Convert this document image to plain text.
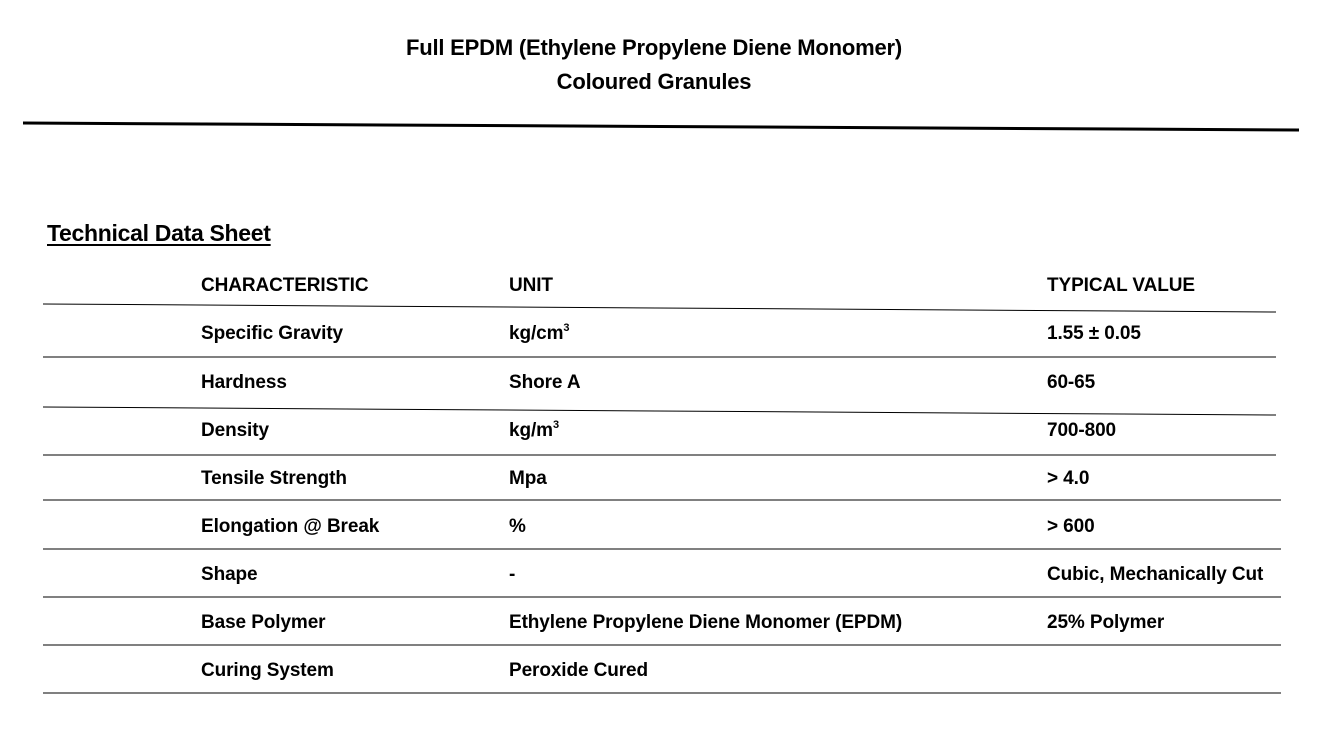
Full EPDM (Ethylene Propylene Diene Monomer)
Coloured Granules
Technical Data Sheet
CHARACTERISTIC	UNIT	TYPICAL VALUE
Specific Gravity	$kg/cm^3$	1.55 ± 0.05
Hardness	Shore A	60-65
Density	$kg/m^3$	700-800
Tensile Strength	Mpa	> 4.0
Elongation @ Break	%	> 600
Shape	-	Cubic, Mechanically Cut
Base Polymer	Ethylene Propylene Diene Monomer (EPDM)	25% Polymer
Curing System	Peroxide Cured
